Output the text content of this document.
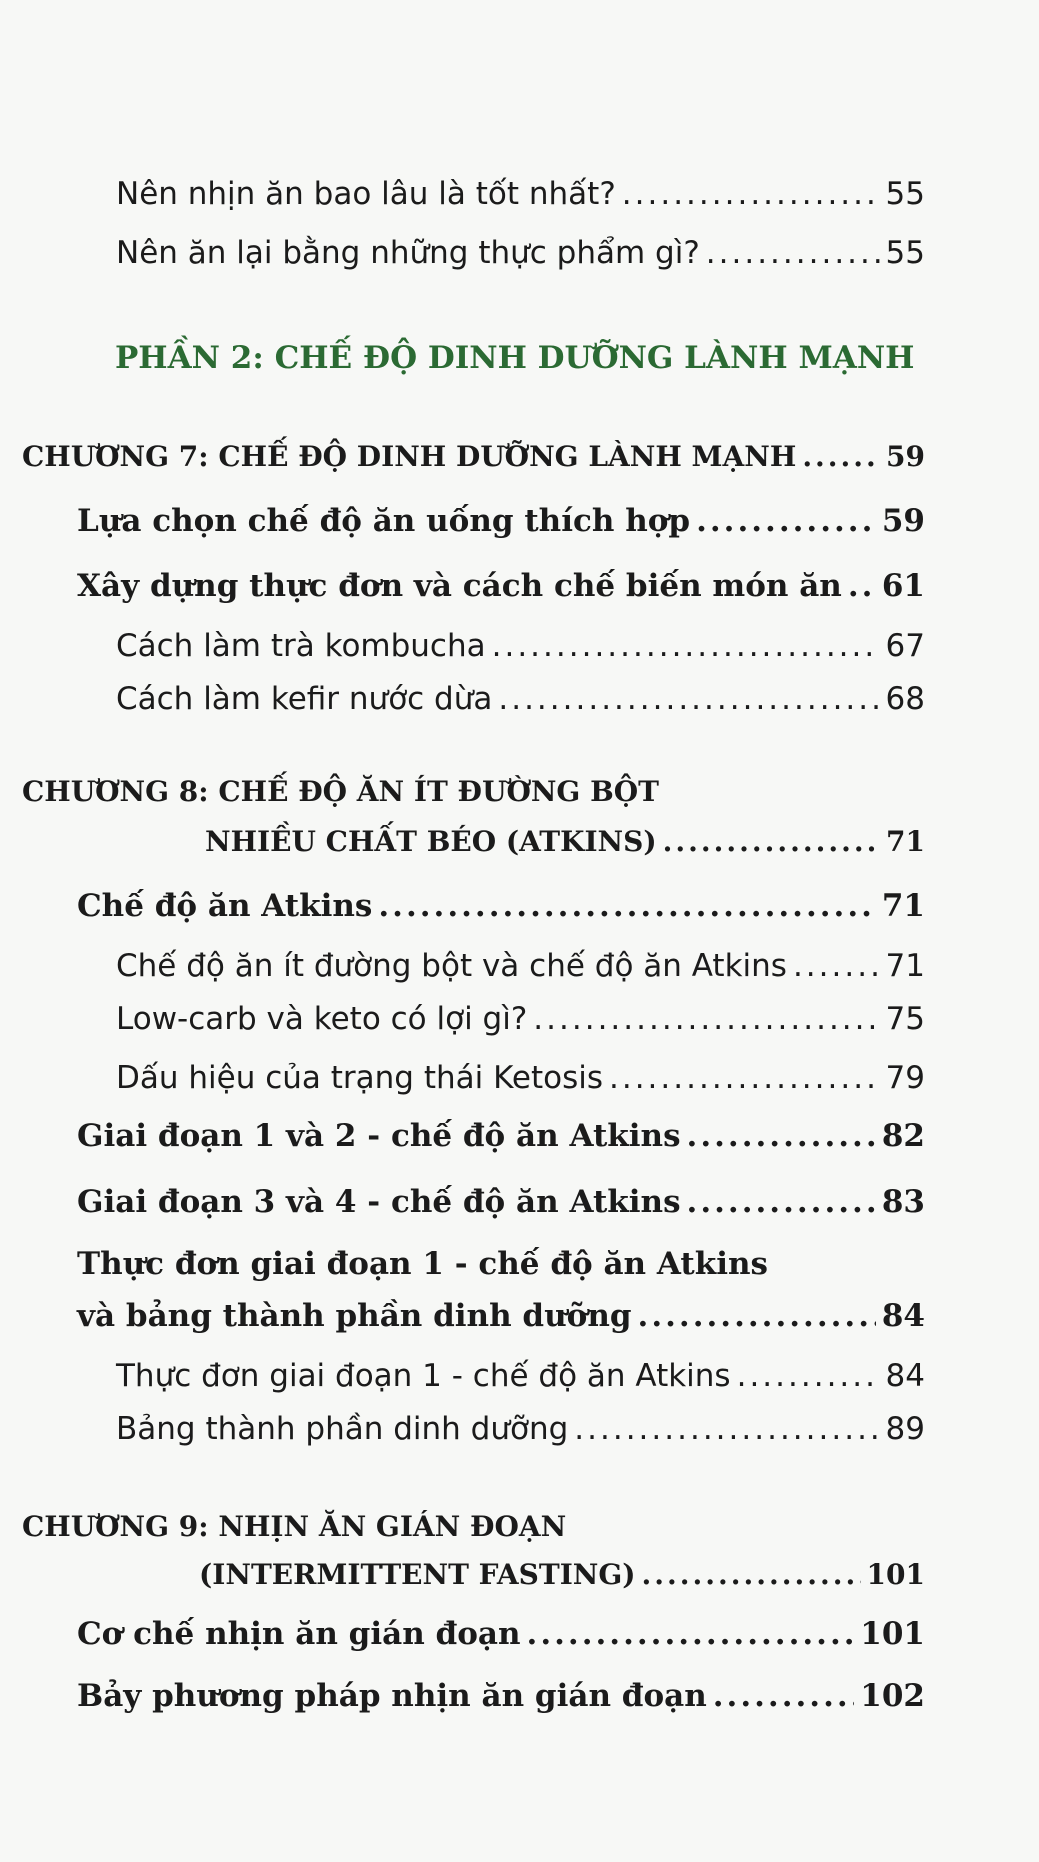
Nên nhịn ăn bao lâu là tốt nhất? .....	55
Nên ăn lại bằng những thực phẩm gì? .....	55
PHẦN 2: CHẾ ĐỘ DINH DƯỠNG LÀNH MẠNH
CHƯƠNG 7: CHẾ ĐỘ DINH DƯỠNG LÀNH MẠNH .....	59
Lựa chọn chế độ ăn uống thích hợp .....	59
Xây dựng thực đơn và cách chế biến món ăn ..... 61
Cách làm trà kombucha .....	67
Cách làm kefir nước dừa .....	68
CHƯƠNG 8: CHẾ ĐỘ ĂN ÍT ĐƯỜNG BỘT
NHIỀU CHẤT BÉO (ATKINS) .....	71
Chế độ ăn Atkins .....	71
Chế độ ăn ít đường bột và chế độ ăn Atkins .....	71
Low-carb và keto có lợi gì? .....	75
Dấu hiệu của trạng thái Ketosis .....	79
Giai đoạn 1 và 2 - chế độ ăn Atkins .....	82
Giai đoạn 3 và 4 - chế độ ăn Atkins .....	83
Thực đơn giai đoạn 1 - chế độ ăn Atkins
và bảng thành phần dinh dưỡng .....	84
Thực đơn giai đoạn 1 - chế độ ăn Atkins .....	84
Bảng thành phần dinh dưỡng .....	89
CHƯƠNG 9: NHỊN ĂN GIÁN ĐOẠN
(INTERMITTENT FASTING) .....	101
Cơ chế nhịn ăn gián đoạn .....	101
Bảy phương pháp nhịn ăn gián đoạn .....	102
